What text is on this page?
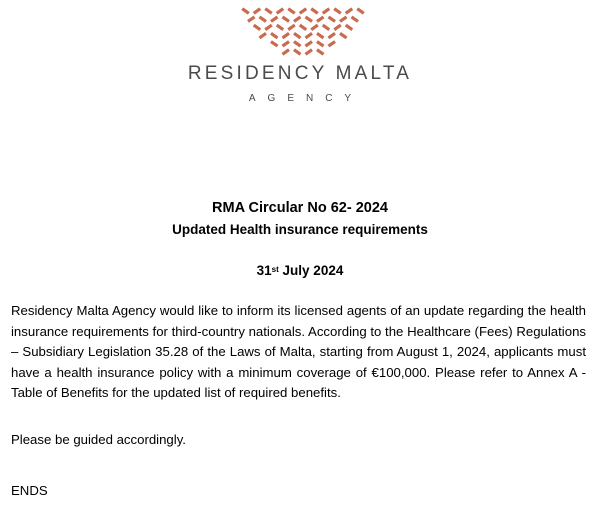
RESIDENCY MALTA
AGENCY
RMA Circular No 62- 2024
Updated Health insurance requirements
31st July 2024
Residency Malta Agency would like to inform its licensed agents of an update regarding the health insurance requirements for third-country nationals. According to the Healthcare (Fees) Regulations – Subsidiary Legislation 35.28 of the Laws of Malta, starting from August 1, 2024, applicants must have a health insurance policy with a minimum coverage of €100,000. Please refer to Annex A - Table of Benefits for the updated list of required benefits.
Please be guided accordingly.
ENDS
